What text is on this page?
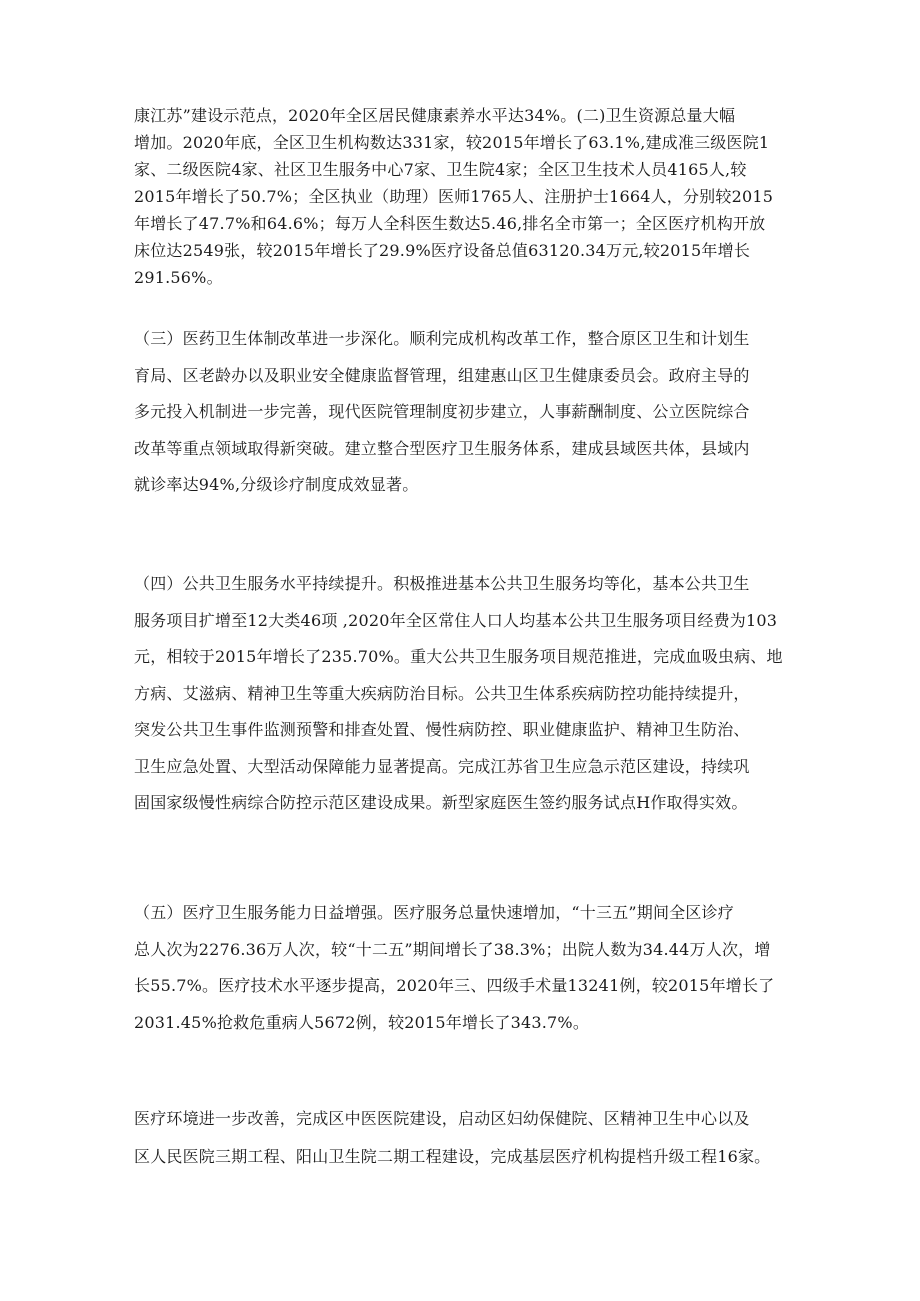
康江苏”建设示范点，2020年全区居民健康素养水平达34%。(二)卫生资源总量大幅
增加。2020年底，全区卫生机构数达331家，较2015年增长了63.1%,建成准三级医院1
家、二级医院4家、社区卫生服务中心7家、卫生院4家；全区卫生技术人员4165人,较
2015年增长了50.7%；全区执业（助理）医师1765人、注册护士1664人，分别较2015
年增长了47.7%和64.6%；每万人全科医生数达5.46,排名全市第一；全区医疗机构开放
床位达2549张，较2015年增长了29.9%医疗设备总值63120.34万元,较2015年增长
291.56%。

（三）医药卫生体制改革进一步深化。顺利完成机构改革工作，整合原区卫生和计划生
育局、区老龄办以及职业安全健康监督管理，组建惠山区卫生健康委员会。政府主导的
多元投入机制进一步完善，现代医院管理制度初步建立，人事薪酬制度、公立医院综合
改革等重点领域取得新突破。建立整合型医疗卫生服务体系，建成县域医共体，县域内
就诊率达94%,分级诊疗制度成效显著。

（四）公共卫生服务水平持续提升。积极推进基本公共卫生服务均等化，基本公共卫生
服务项目扩增至12大类46项 ,2020年全区常住人口人均基本公共卫生服务项目经费为103
元，相较于2015年增长了235.70%。重大公共卫生服务项目规范推进，完成血吸虫病、地
方病、艾滋病、精神卫生等重大疾病防治目标。公共卫生体系疾病防控功能持续提升，
突发公共卫生事件监测预警和排查处置、慢性病防控、职业健康监护、精神卫生防治、
卫生应急处置、大型活动保障能力显著提高。完成江苏省卫生应急示范区建设，持续巩
固国家级慢性病综合防控示范区建设成果。新型家庭医生签约服务试点H作取得实效。

（五）医疗卫生服务能力日益增强。医疗服务总量快速增加，“十三五”期间全区诊疗
总人次为2276.36万人次，较“十二五”期间增长了38.3%；出院人数为34.44万人次，增
长55.7%。医疗技术水平逐步提高，2020年三、四级手术量13241例，较2015年增长了
2031.45%抢救危重病人5672例，较2015年增长了343.7%。

医疗环境进一步改善，完成区中医医院建设，启动区妇幼保健院、区精神卫生中心以及
区人民医院三期工程、阳山卫生院二期工程建设，完成基层医疗机构提档升级工程16家。
